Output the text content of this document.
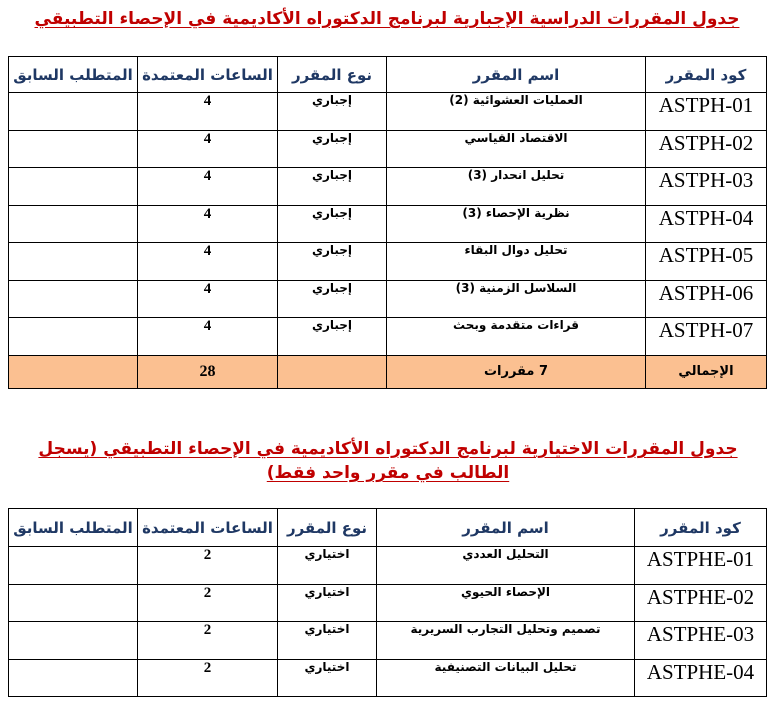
جدول المقررات الدراسية الإجبارية لبرنامج الدكتوراه الأكاديمية في الإحصاء التطبيقي
كود المقرر	اسم المقرر	نوع المقرر	الساعات المعتمدة	المتطلب السابق
ASTPH-01	العمليات العشوائية (2)	إجباري	4	
ASTPH-02	الاقتصاد القياسي	إجباري	4	
ASTPH-03	تحليل انحدار (3)	إجباري	4	
ASTPH-04	نظرية الإحصاء (3)	إجباري	4	
ASTPH-05	تحليل دوال البقاء	إجباري	4	
ASTPH-06	السلاسل الزمنية (3)	إجباري	4	
ASTPH-07	قراءات متقدمة وبحث	إجباري	4	
الإجمالي	7 مقررات		28	
جدول المقررات الاختيارية لبرنامج الدكتوراه الأكاديمية في الإحصاء التطبيقي (يسجل الطالب في مقرر واحد فقط)
كود المقرر	اسم المقرر	نوع المقرر	الساعات المعتمدة	المتطلب السابق
ASTPHE-01	التحليل العددي	اختياري	2	
ASTPHE-02	الإحصاء الحيوي	اختياري	2	
ASTPHE-03	تصميم وتحليل التجارب السريرية	اختياري	2	
ASTPHE-04	تحليل البيانات التصنيفية	اختياري	2	
